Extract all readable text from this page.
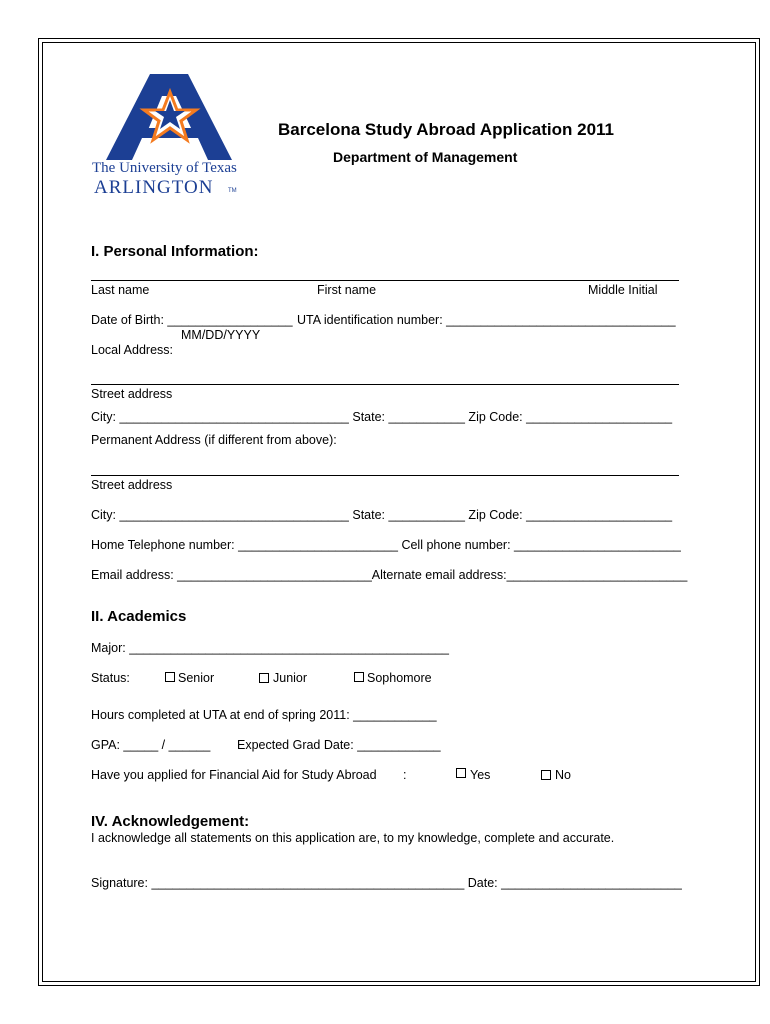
The University of Texas
ARLINGTON TM
Barcelona Study Abroad Application 2011
Department of Management
I. Personal Information:
Last name	First name	Middle Initial
Date of Birth: __________________ UTA identification number: _________________________________
MM/DD/YYYY
Local Address:
Street address
City: _________________________________ State: ___________ Zip Code: _____________________
Permanent Address (if different from above):
Street address
City: _________________________________ State: ___________ Zip Code: _____________________
Home Telephone number: _______________________ Cell phone number: ________________________
Email address: ____________________________Alternate email address:__________________________
II. Academics
Major: ______________________________________________
Status:	Senior	Junior	Sophomore
Hours completed at UTA at end of spring 2011: ____________
GPA: _____ / ______ Expected Grad Date: ____________
Have you applied for Financial Aid for Study Abroad :	Yes	No
IV. Acknowledgement:
I acknowledge all statements on this application are, to my knowledge, complete and accurate.
Signature: _____________________________________________ Date: __________________________
